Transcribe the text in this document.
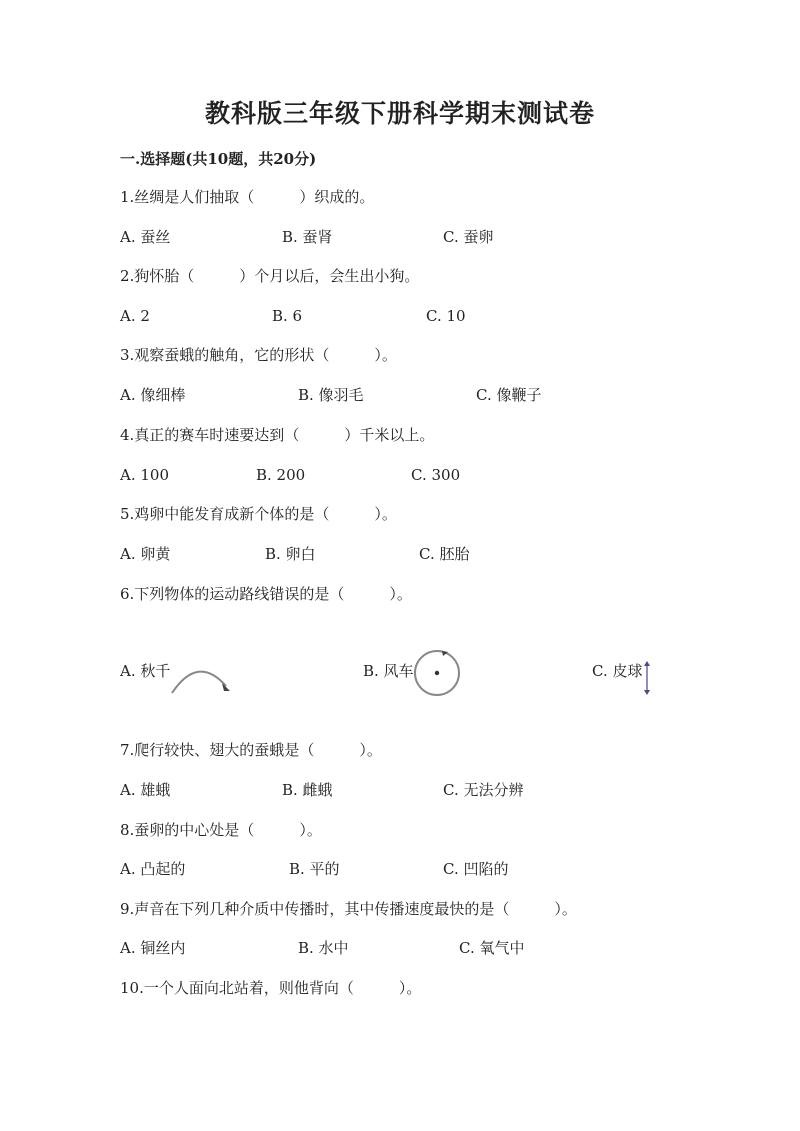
教科版三年级下册科学期末测试卷
一.选择题(共10题，共20分)
1.丝绸是人们抽取（　　　）织成的。
A. 蚕丝	B. 蚕肾	C. 蚕卵
2.狗怀胎（　　　）个月以后，会生出小狗。
A. 2	B. 6	C. 10
3.观察蚕蛾的触角，它的形状（　　　）。
A. 像细棒	B. 像羽毛	C. 像鞭子
4.真正的赛车时速要达到（　　　）千米以上。
A. 100	B. 200	C. 300
5.鸡卵中能发育成新个体的是（　　　）。
A. 卵黄	B. 卵白	C. 胚胎
6.下列物体的运动路线错误的是（　　　）。
A. 秋千	B. 风车	C. 皮球
7.爬行较快、翅大的蚕蛾是（　　　）。
A. 雄蛾	B. 雌蛾	C. 无法分辨
8.蚕卵的中心处是（　　　）。
A. 凸起的	B. 平的	C. 凹陷的
9.声音在下列几种介质中传播时，其中传播速度最快的是（　　　）。
A. 铜丝内	B. 水中	C. 氧气中
10.一个人面向北站着，则他背向（　　　）。
